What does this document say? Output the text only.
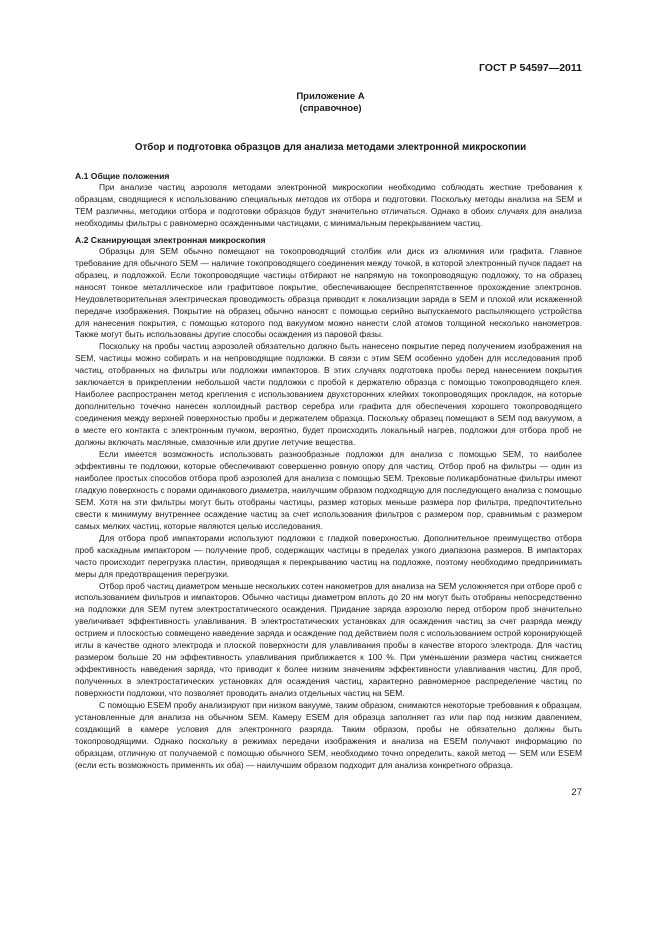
ГОСТ Р 54597—2011
Приложение А
(справочное)
Отбор и подготовка образцов для анализа методами электронной микроскопии
А.1 Общие положения

При анализе частиц аэрозоля методами электронной микроскопии необходимо соблюдать жесткие требования к образцам, сводящиеся к использованию специальных методов их отбора и подготовки. Поскольку методы анализа на SEM и TEM различны, методики отбора и подготовки образцов будут значительно отличаться. Однако в обоих случаях для анализа необходимы фильтры с равномерно осажденными частицами, с минимальным перекрыванием частиц.

А.2 Сканирующая электронная микроскопия

Образцы для SEM обычно помещают на токопроводящий столбик или диск из алюминия или графита. Главное требование для обычного SEM — наличие токопроводящего соединения между точкой, в которой электронный пучок падает на образец, и подложкой. Если токопроводящие частицы отбирают не напрямую на токопроводящую подложку, то на образец наносят тонкое металлическое или графитовое покрытие, обеспечивающее беспрепятственное прохождение электронов. Неудовлетворительная электрическая проводимость образца приводит к локализации заряда в SEM и плохой или искаженной передаче изображения. Покрытие на образец обычно наносят с помощью серийно выпускаемого распыляющего устройства для нанесения покрытия, с помощью которого под вакуумом можно нанести слой атомов толщиной несколько нанометров. Также могут быть использованы другие способы осаждения из паровой фазы.

Поскольку на пробы частиц аэрозолей обязательно должно быть нанесено покрытие перед получением изображения на SEM, частицы можно собирать и на непроводящие подложки. В связи с этим SEM особенно удобен для исследования проб частиц, отобранных на фильтры или подложки импакторов. В этих случаях подготовка пробы перед нанесением покрытия заключается в прикреплении небольшой части подложки с пробой к держателю образца с помощью токопроводящего клея. Наиболее распространен метод крепления с использованием двухсторонних клейких токопроводящих прокладок, на которые дополнительно точечно нанесен коллоидный раствор серебра или графита для обеспечения хорошего токопроводящего соединения между верхней поверхностью пробы и держателем образца. Поскольку образец помещают в SEM под вакуумом, а в месте его контакта с электронным пучком, вероятно, будет происходить локальный нагрев, подложки для отбора проб не должны включать масляные, смазочные или другие летучие вещества.

Если имеется возможность использовать разнообразные подложки для анализа с помощью SEM, то наиболее эффективны те подложки, которые обеспечивают совершенно ровную опору для частиц. Отбор проб на фильтры — один из наиболее простых способов отбора проб аэрозолей для анализа с помощью SEM. Трековые поликарбонатные фильтры имеют гладкую поверхность с порами одинакового диаметра, наилучшим образом подходящую для последующего анализа с помощью SEM. Хотя на эти фильтры могут быть отобраны частицы, размер которых меньше размера пор фильтра, предпочтительно свести к минимуму внутреннее осаждение частиц за счет использования фильтров с размером пор, сравнимым с размером самых мелких частиц, которые являются целью исследования.

Для отбора проб импакторами используют подложки с гладкой поверхностью. Дополнительное преимущество отбора проб каскадным импактором — получение проб, содержащих частицы в пределах узкого диапазона размеров. В импакторах часто происходит перегрузка пластин, приводящая к перекрыванию частиц на подложке, поэтому необходимо предпринимать меры для предотвращения перегрузки.

Отбор проб частиц диаметром меньше нескольких сотен нанометров для анализа на SEM усложняется при отборе проб с использованием фильтров и импакторов. Обычно частицы диаметром вплоть до 20 нм могут быть отобраны непосредственно на подложки для SEM путем электростатического осаждения. Придание заряда аэрозолю перед отбором проб значительно увеличивает эффективность улавливания. В электростатических установках для осаждения частиц за счет разряда между острием и плоскостью совмещено наведение заряда и осаждение под действием поля с использованием острой коронирующей иглы в качестве одного электрода и плоской поверхности для улавливания пробы в качестве второго электрода. Для частиц размером больше 20 нм эффективность улавливания приближается к 100 %. При уменьшении размера частиц снижается эффективность наведения заряда, что приводит к более низким значениям эффективности улавливания частиц. Для проб, полученных в электростатических установках для осаждения частиц, характерно равномерное распределение частиц по поверхности подложки, что позволяет проводить анализ отдельных частиц на SEM.

С помощью ESEM пробу анализируют при низком вакууме, таким образом, снимаются некоторые требования к образцам, установленные для анализа на обычном SEM. Камеру ESEM для образца заполняет газ или пар под низким давлением, создающий в камере условия для электронного разряда. Таким образом, пробы не обязательно должны быть токопроводящими. Однако поскольку в режимах передачи изображения и анализа на ESEM получают информацию по образцам, отличную от получаемой с помощью обычного SEM, необходимо точно определить, какой метод — SEM или ESEM (если есть возможность применять их оба) — наилучшим образом подходит для анализа конкретного образца.

27
